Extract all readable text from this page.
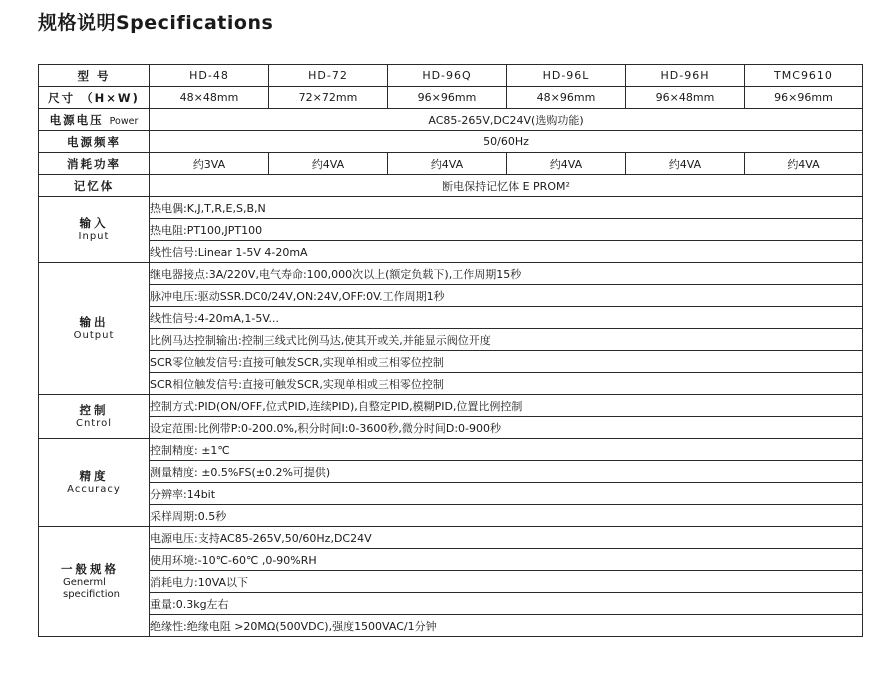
规格说明Specifications
型 号	HD-48	HD-72	HD-96Q	HD-96L	HD-96H	TMC9610
尺寸 （H×W)	48×48mm	72×72mm	96×96mm	48×96mm	96×48mm	96×96mm
电源电压 Power	AC85-265V,DC24V(选购功能)					
电源频率	50/60Hz					
消耗功率	约3VA	约4VA	约4VA	约4VA	约4VA	约4VA
记忆体	断电保持记忆体 E PROM²					

输入
Input	热电偶:K,J,T,R,E,S,B,N					
	热电阻:PT100,JPT100					
	线性信号:Linear 1-5V 4-20mA					

输出
Output	继电器接点:3A/220V,电气寿命:100,000次以上(额定负载下),工作周期15秒					
	脉冲电压:驱动SSR.DC0/24V,ON:24V,OFF:0V.工作周期1秒					
	线性信号:4-20mA,1-5V...					
	比例马达控制输出:控制三线式比例马达,使其开或关,并能显示阀位开度					
	SCR零位触发信号:直接可触发SCR,实现单相或三相零位控制					
	SCR相位触发信号:直接可触发SCR,实现单相或三相零位控制					

控制
Cntrol	控制方式:PID(ON/OFF,位式PID,连续PID),自整定PID,模糊PID,位置比例控制					
	设定范围:比例带P:0-200.0%,积分时间I:0-3600秒,微分时间D:0-900秒					

精度
Accuracy	控制精度: ±1℃					
	测量精度: ±0.5%FS(±0.2%可提供)					
	分辨率:14bit					
	采样周期:0.5秒					

一般规格
Generml
specifiction	电源电压:支持AC85-265V,50/60Hz,DC24V					
	使用环境:-10℃-60℃ ,0-90%RH					
	消耗电力:10VA以下					
	重量:0.3kg左右					
	绝缘性:绝缘电阻 >20MΩ(500VDC),强度1500VAC/1分钟					
